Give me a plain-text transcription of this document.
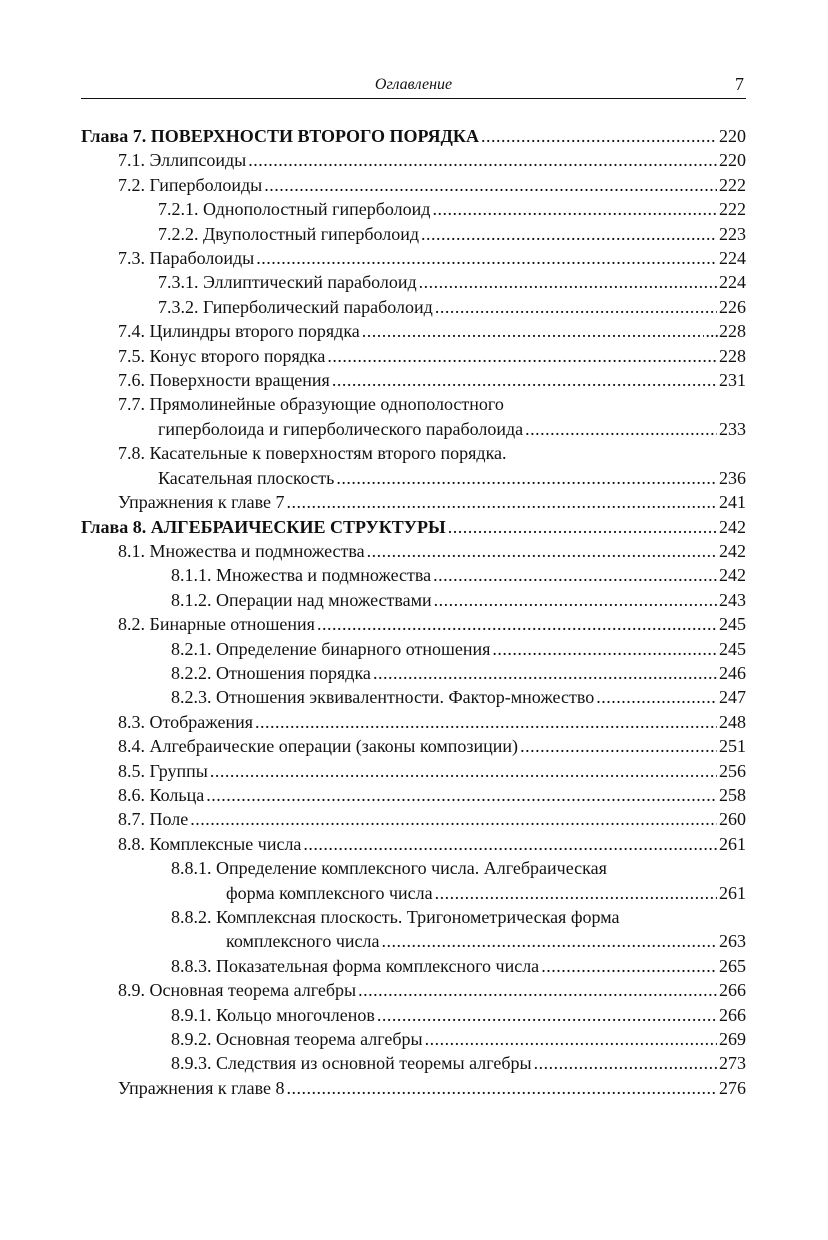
Оглавление	7
Глава 7. ПОВЕРХНОСТИ ВТОРОГО ПОРЯДКА .....	220
7.1. Эллипсоиды .....	220
7.2. Гиперболоиды .....	222
7.2.1. Однополостный гиперболоид .....	222
7.2.2. Двуполостный гиперболоид .....	223
7.3. Параболоиды .....	224
7.3.1. Эллиптический параболоид .....	224
7.3.2. Гиперболический параболоид .....	226
7.4. Цилиндры второго порядка .....	...228
7.5. Конус второго порядка .....	228
7.6. Поверхности вращения .....	231
7.7. Прямолинейные образующие однополостного
гиперболоида и гиперболического параболоида .....	233
7.8. Касательные к поверхностям второго порядка.
Касательная плоскость .....	236
Упражнения к главе 7 .....	241
Глава 8. АЛГЕБРАИЧЕСКИЕ СТРУКТУРЫ .....	242
8.1. Множества и подмножества .....	242
8.1.1. Множества и подмножества .....	242
8.1.2. Операции над множествами .....	243
8.2. Бинарные отношения .....	245
8.2.1. Определение бинарного отношения .....	245
8.2.2. Отношения порядка .....	246
8.2.3. Отношения эквивалентности. Фактор-множество .....	247
8.3. Отображения .....	248
8.4. Алгебраические операции (законы композиции) .....	251
8.5. Группы .....	256
8.6. Кольца .....	258
8.7. Поле .....	260
8.8. Комплексные числа .....	261
8.8.1. Определение комплексного числа. Алгебраическая
форма комплексного числа .....	261
8.8.2. Комплексная плоскость. Тригонометрическая форма
комплексного числа .....	263
8.8.3. Показательная форма комплексного числа .....	265
8.9. Основная теорема алгебры .....	266
8.9.1. Кольцо многочленов .....	266
8.9.2. Основная теорема алгебры .....	269
8.9.3. Следствия из основной теоремы алгебры .....	273
Упражнения к главе 8 .....	276
